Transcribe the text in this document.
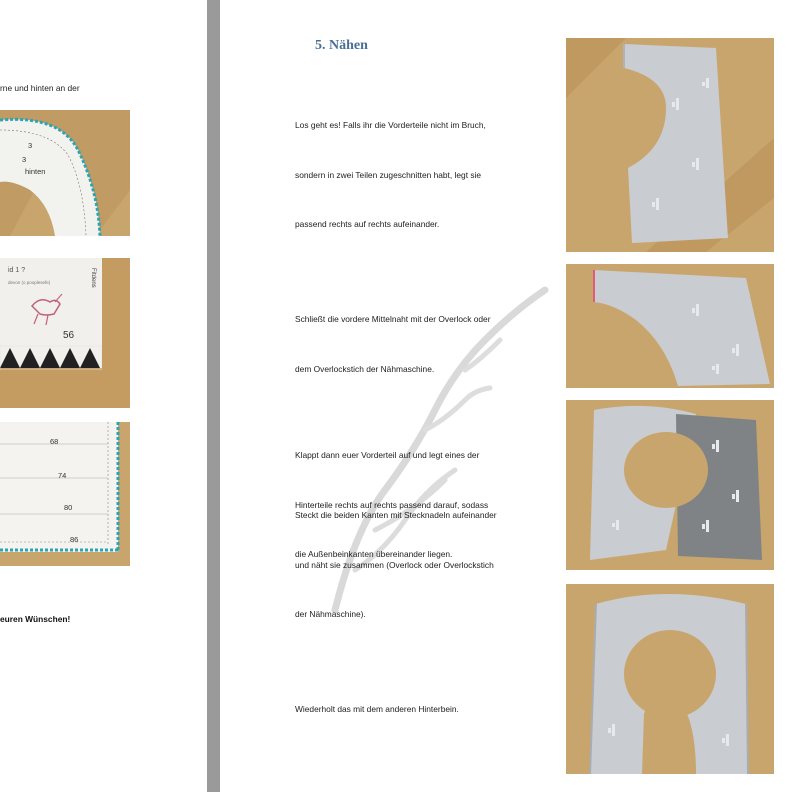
rne und hinten an der
3
3
hinten
id 1 ?
devon (o pooplesefe)
56
Fitdens
68
74
80
86
euren Wünschen!
5. Nähen

Los geht es! Falls ihr die Vorderteile nicht im Bruch,

sondern in zwei Teilen zugeschnitten habt, legt sie

passend rechts auf rechts aufeinander.

Schließt die vordere Mittelnaht mit der Overlock oder

dem Overlockstich der Nähmaschine.

Klappt dann euer Vorderteil auf und legt eines der

Hinterteile rechts auf rechts passend darauf, sodass

die Außenbeinkanten übereinander liegen.

Steckt die beiden Kanten mit Stecknadeln aufeinander

und näht sie zusammen (Overlock oder Overlockstich

der Nähmaschine).

Wiederholt das mit dem anderen Hinterbein.
